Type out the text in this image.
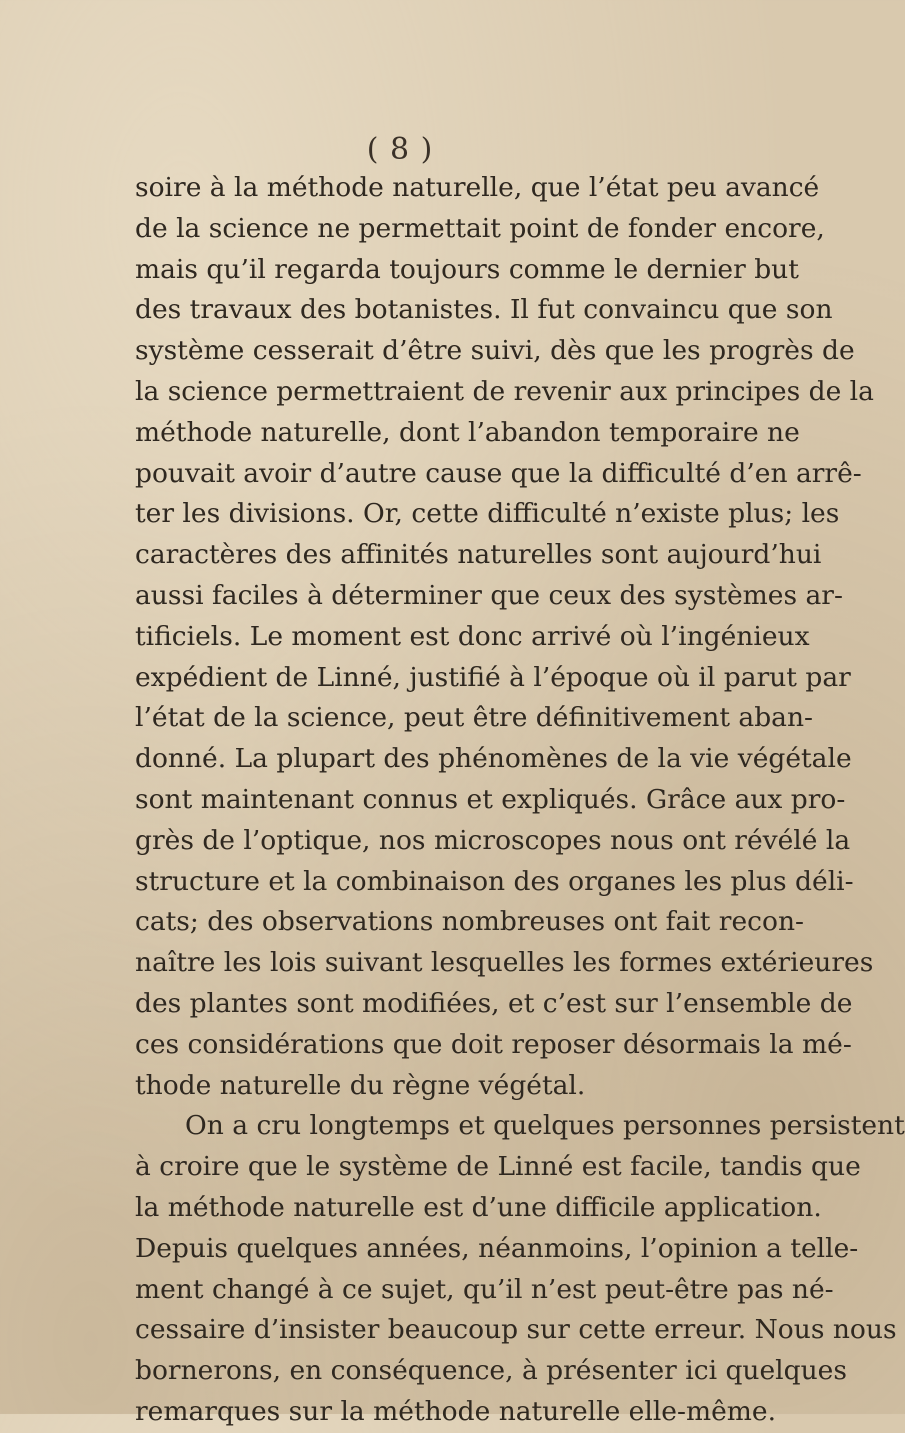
( 8 )
soire à la méthode naturelle, que l’état peu avancé
de la science ne permettait point de fonder encore,
mais qu’il regarda toujours comme le dernier but
des travaux des botanistes. Il fut convaincu que son
système cesserait d’être suivi, dès que les progrès de
la science permettraient de revenir aux principes de la
méthode naturelle, dont l’abandon temporaire ne
pouvait avoir d’autre cause que la difficulté d’en arrê-
ter les divisions. Or, cette difficulté n’existe plus; les
caractères des affinités naturelles sont aujourd’hui
aussi faciles à déterminer que ceux des systèmes ar-
tificiels. Le moment est donc arrivé où l’ingénieux
expédient de Linné, justifié à l’époque où il parut par
l’état de la science, peut être définitivement aban-
donné. La plupart des phénomènes de la vie végétale
sont maintenant connus et expliqués. Grâce aux pro-
grès de l’optique, nos microscopes nous ont révélé la
structure et la combinaison des organes les plus déli-
cats; des observations nombreuses ont fait recon-
naître les lois suivant lesquelles les formes extérieures
des plantes sont modifiées, et c’est sur l’ensemble de
ces considérations que doit reposer désormais la mé-
thode naturelle du règne végétal.
On a cru longtemps et quelques personnes persistent
à croire que le système de Linné est facile, tandis que
la méthode naturelle est d’une difficile application.
Depuis quelques années, néanmoins, l’opinion a telle-
ment changé à ce sujet, qu’il n’est peut-être pas né-
cessaire d’insister beaucoup sur cette erreur. Nous nous
bornerons, en conséquence, à présenter ici quelques
remarques sur la méthode naturelle elle-même.
